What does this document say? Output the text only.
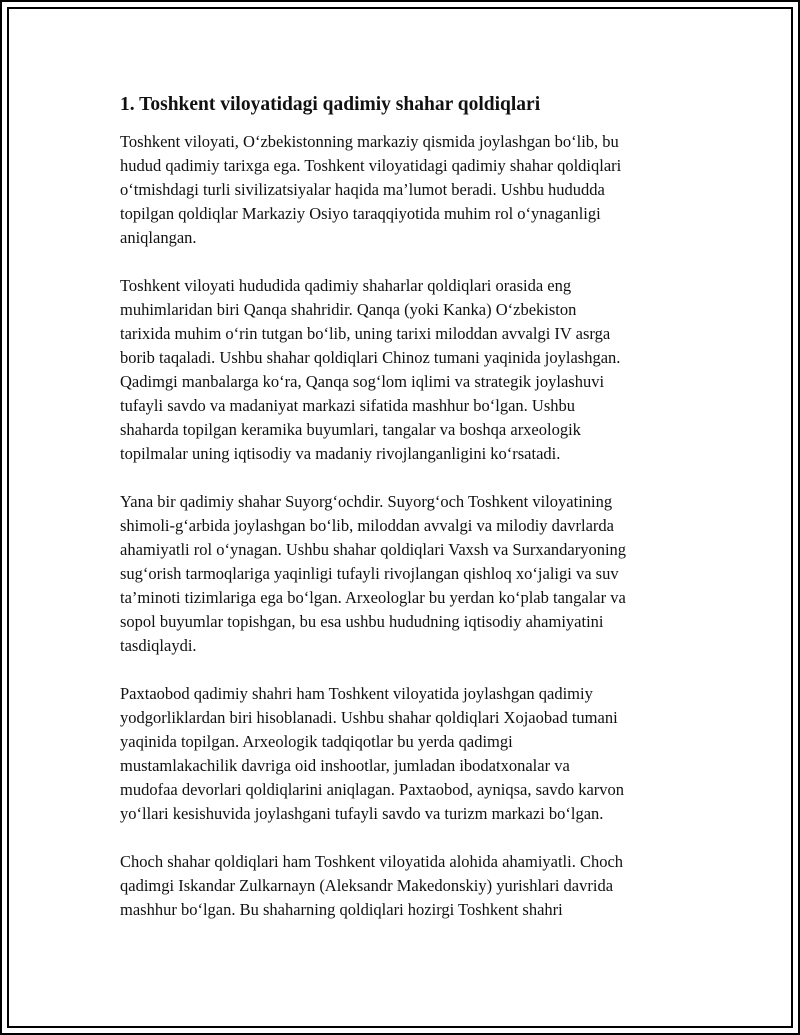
1. Toshkent viloyatidagi qadimiy shahar qoldiqlari

Toshkent viloyati, O‘zbekistonning markaziy qismida joylashgan bo‘lib, bu
hudud qadimiy tarixga ega. Toshkent viloyatidagi qadimiy shahar qoldiqlari
o‘tmishdagi turli sivilizatsiyalar haqida ma’lumot beradi. Ushbu hududda
topilgan qoldiqlar Markaziy Osiyo taraqqiyotida muhim rol o‘ynaganligi
aniqlangan.

Toshkent viloyati hududida qadimiy shaharlar qoldiqlari orasida eng
muhimlaridan biri Qanqa shahridir. Qanqa (yoki Kanka) O‘zbekiston
tarixida muhim o‘rin tutgan bo‘lib, uning tarixi miloddan avvalgi IV asrga
borib taqaladi. Ushbu shahar qoldiqlari Chinoz tumani yaqinida joylashgan.
Qadimgi manbalarga ko‘ra, Qanqa sog‘lom iqlimi va strategik joylashuvi
tufayli savdo va madaniyat markazi sifatida mashhur bo‘lgan. Ushbu
shaharda topilgan keramika buyumlari, tangalar va boshqa arxeologik
topilmalar uning iqtisodiy va madaniy rivojlanganligini ko‘rsatadi.

Yana bir qadimiy shahar Suyorg‘ochdir. Suyorg‘och Toshkent viloyatining
shimoli-g‘arbida joylashgan bo‘lib, miloddan avvalgi va milodiy davrlarda
ahamiyatli rol o‘ynagan. Ushbu shahar qoldiqlari Vaxsh va Surxandaryoning
sug‘orish tarmoqlariga yaqinligi tufayli rivojlangan qishloq xo‘jaligi va suv
ta’minoti tizimlariga ega bo‘lgan. Arxeologlar bu yerdan ko‘plab tangalar va
sopol buyumlar topishgan, bu esa ushbu hududning iqtisodiy ahamiyatini
tasdiqlaydi.

Paxtaobod qadimiy shahri ham Toshkent viloyatida joylashgan qadimiy
yodgorliklardan biri hisoblanadi. Ushbu shahar qoldiqlari Xojaobad tumani
yaqinida topilgan. Arxeologik tadqiqotlar bu yerda qadimgi
mustamlakachilik davriga oid inshootlar, jumladan ibodatxonalar va
mudofaa devorlari qoldiqlarini aniqlagan. Paxtaobod, ayniqsa, savdo karvon
yo‘llari kesishuvida joylashgani tufayli savdo va turizm markazi bo‘lgan.

Choch shahar qoldiqlari ham Toshkent viloyatida alohida ahamiyatli. Choch
qadimgi Iskandar Zulkarnayn (Aleksandr Makedonskiy) yurishlari davrida
mashhur bo‘lgan. Bu shaharning qoldiqlari hozirgi Toshkent shahri
